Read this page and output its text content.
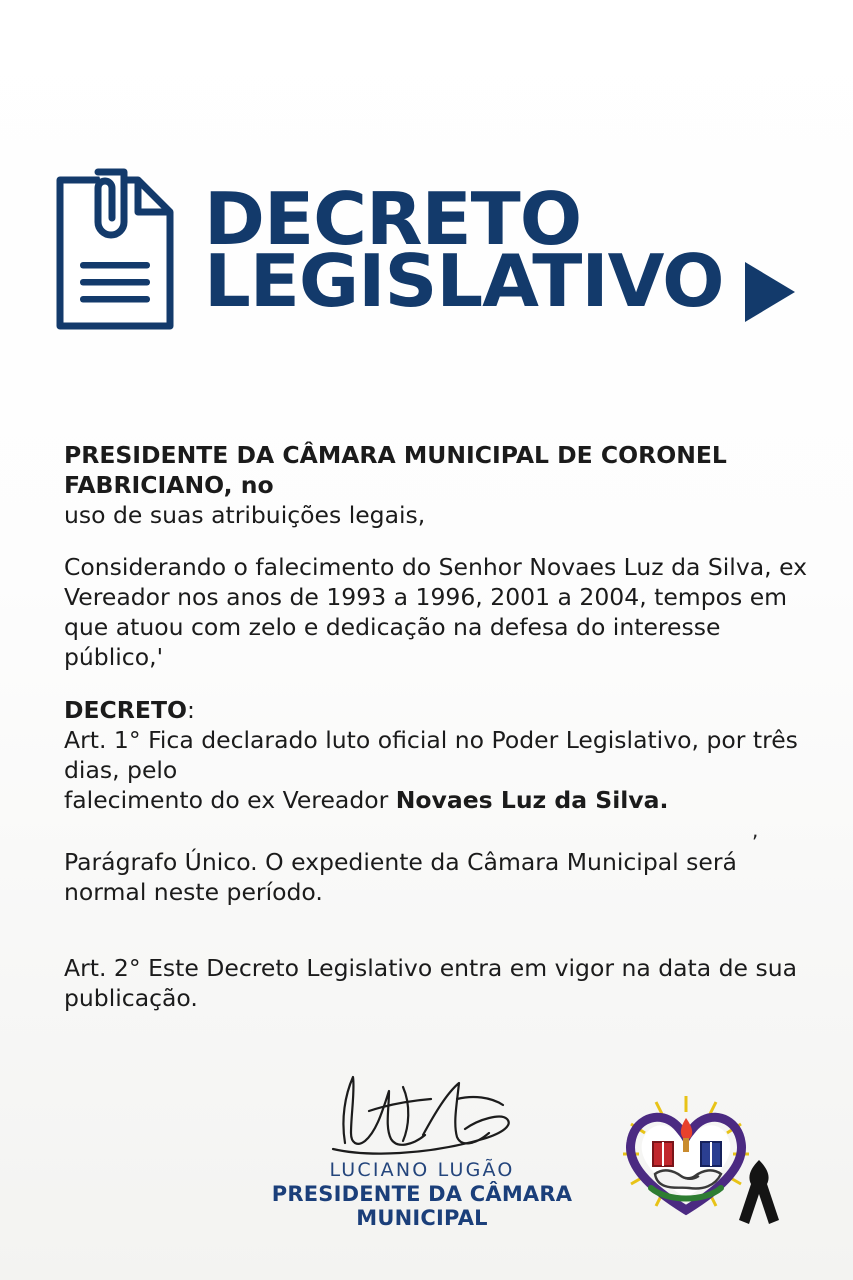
DECRETO
LEGISLATIVO

PRESIDENTE DA CÂMARA MUNICIPAL DE CORONEL FABRICIANO, no

uso de suas atribuições legais,

Considerando o falecimento do Senhor Novaes Luz da Silva, ex Vereador nos anos de 1993 a 1996, 2001 a 2004, tempos em que atuou com zelo e dedicação na defesa do interesse público,'

DECRETO:

Art. 1° Fica declarado luto oficial no Poder Legislativo, por três dias, pelo

falecimento do ex Vereador Novaes Luz da Silva.

Parágrafo Único. O expediente da Câmara Municipal será normal neste período.

Art. 2° Este Decreto Legislativo entra em vigor na data de sua publicação.

,
LUCIANO LUGÃO
PRESIDENTE DA CÂMARA MUNICIPAL
